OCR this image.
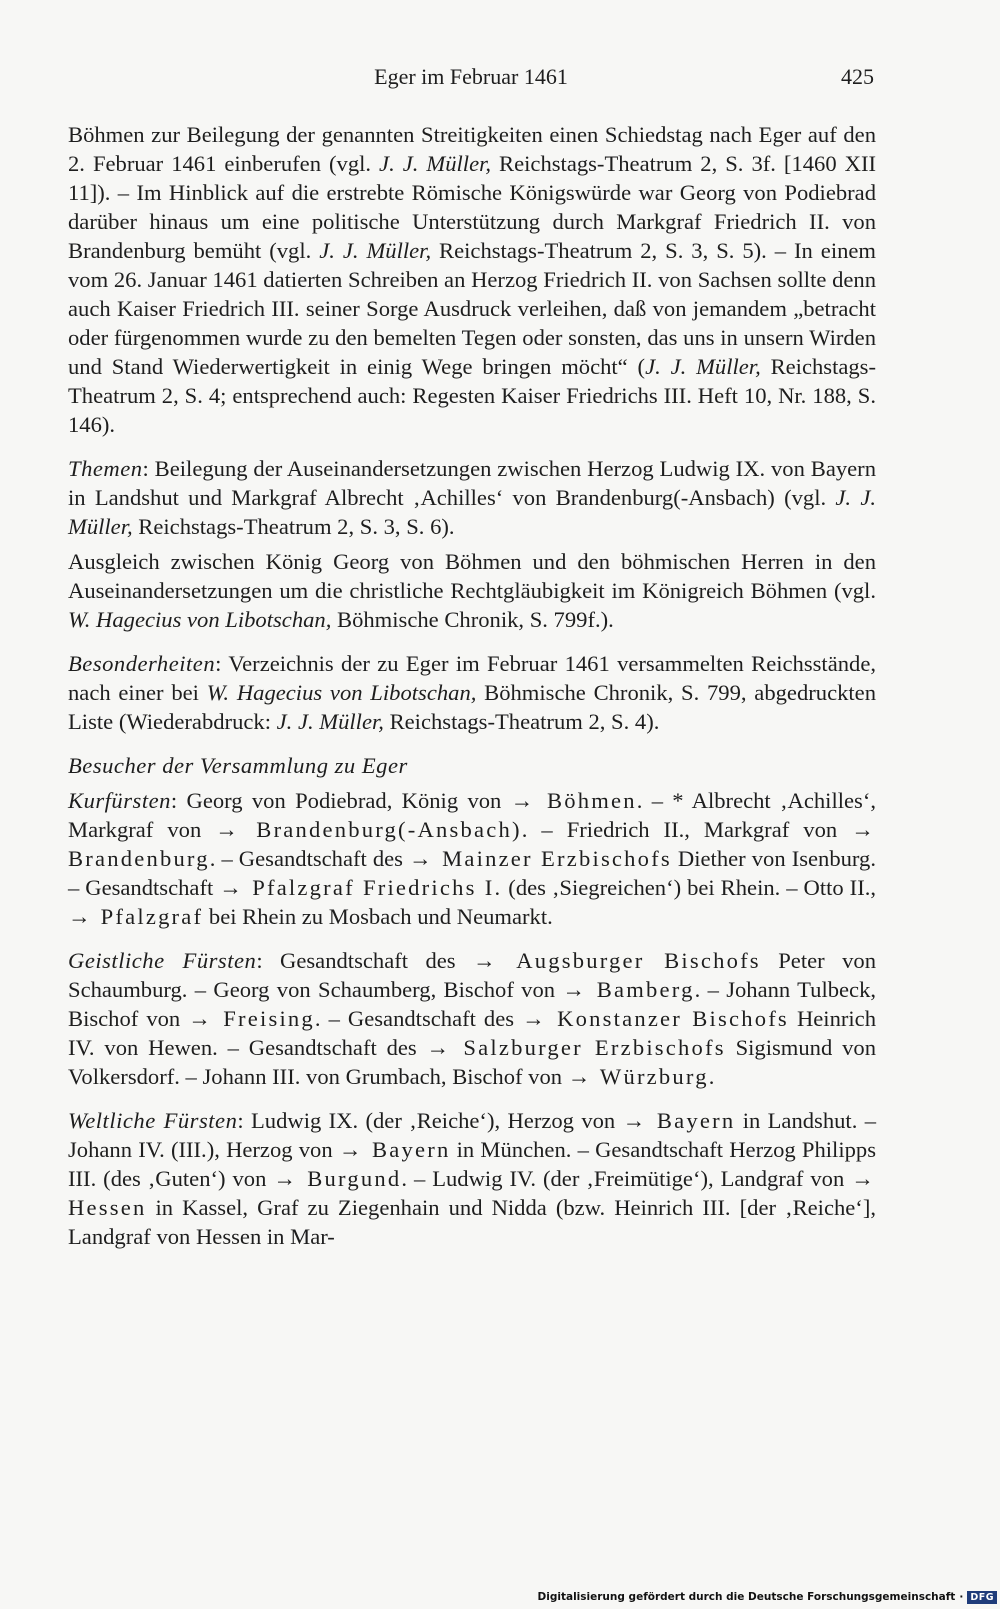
Eger im Februar 1461	425

Böhmen zur Beilegung der genannten Streitigkeiten einen Schiedstag nach Eger auf den 2. Februar 1461 einberufen (vgl. J. J. Müller, Reichstags-Theatrum 2, S. 3f. [1460 XII 11]). – Im Hinblick auf die erstrebte Römische Königswürde war Georg von Podiebrad darüber hinaus um eine politische Unterstützung durch Markgraf Friedrich II. von Brandenburg bemüht (vgl. J. J. Müller, Reichstags-Theatrum 2, S. 3, S. 5). – In einem vom 26. Januar 1461 datierten Schreiben an Herzog Friedrich II. von Sachsen sollte denn auch Kaiser Friedrich III. seiner Sorge Ausdruck verleihen, daß von jemandem „betracht oder fürgenommen wurde zu den bemelten Tegen oder sonsten, das uns in unsern Wirden und Stand Wiederwertigkeit in einig Wege bringen möcht“ (J. J. Müller, Reichstags-Theatrum 2, S. 4; entsprechend auch: Regesten Kaiser Friedrichs III. Heft 10, Nr. 188, S. 146).

Themen: Beilegung der Auseinandersetzungen zwischen Herzog Ludwig IX. von Bayern in Landshut und Markgraf Albrecht ‚Achilles‘ von Brandenburg(-Ansbach) (vgl. J. J. Müller, Reichstags-Theatrum 2, S. 3, S. 6).

Ausgleich zwischen König Georg von Böhmen und den böhmischen Herren in den Auseinandersetzungen um die christliche Rechtgläubigkeit im Königreich Böhmen (vgl. W. Hagecius von Libotschan, Böhmische Chronik, S. 799f.).

Besonderheiten: Verzeichnis der zu Eger im Februar 1461 versammelten Reichsstände, nach einer bei W. Hagecius von Libotschan, Böhmische Chronik, S. 799, abgedruckten Liste (Wiederabdruck: J. J. Müller, Reichstags-Theatrum 2, S. 4).

Besucher der Versammlung zu Eger

Kurfürsten: Georg von Podiebrad, König von → Böhmen. – * Albrecht ‚Achilles‘, Markgraf von → Brandenburg(-Ansbach). – Friedrich II., Markgraf von → Brandenburg. – Gesandtschaft des → Mainzer Erzbischofs Diether von Isenburg. – Gesandtschaft → Pfalzgraf Friedrichs I. (des ‚Siegreichen‘) bei Rhein. – Otto II., → Pfalzgraf bei Rhein zu Mosbach und Neumarkt.

Geistliche Fürsten: Gesandtschaft des → Augsburger Bischofs Peter von Schaumburg. – Georg von Schaumberg, Bischof von → Bamberg. – Johann Tulbeck, Bischof von → Freising. – Gesandtschaft des → Konstanzer Bischofs Heinrich IV. von Hewen. – Gesandtschaft des → Salzburger Erzbischofs Sigismund von Volkersdorf. – Johann III. von Grumbach, Bischof von → Würzburg.

Weltliche Fürsten: Ludwig IX. (der ‚Reiche‘), Herzog von → Bayern in Landshut. – Johann IV. (III.), Herzog von → Bayern in München. – Gesandtschaft Herzog Philipps III. (des ‚Guten‘) von → Burgund. – Ludwig IV. (der ‚Freimütige‘), Landgraf von → Hessen in Kassel, Graf zu Ziegenhain und Nidda (bzw. Heinrich III. [der ‚Reiche‘], Landgraf von Hessen in Mar-

Digitalisierung gefördert durch die Deutsche Forschungsgemeinschaft · DFG
